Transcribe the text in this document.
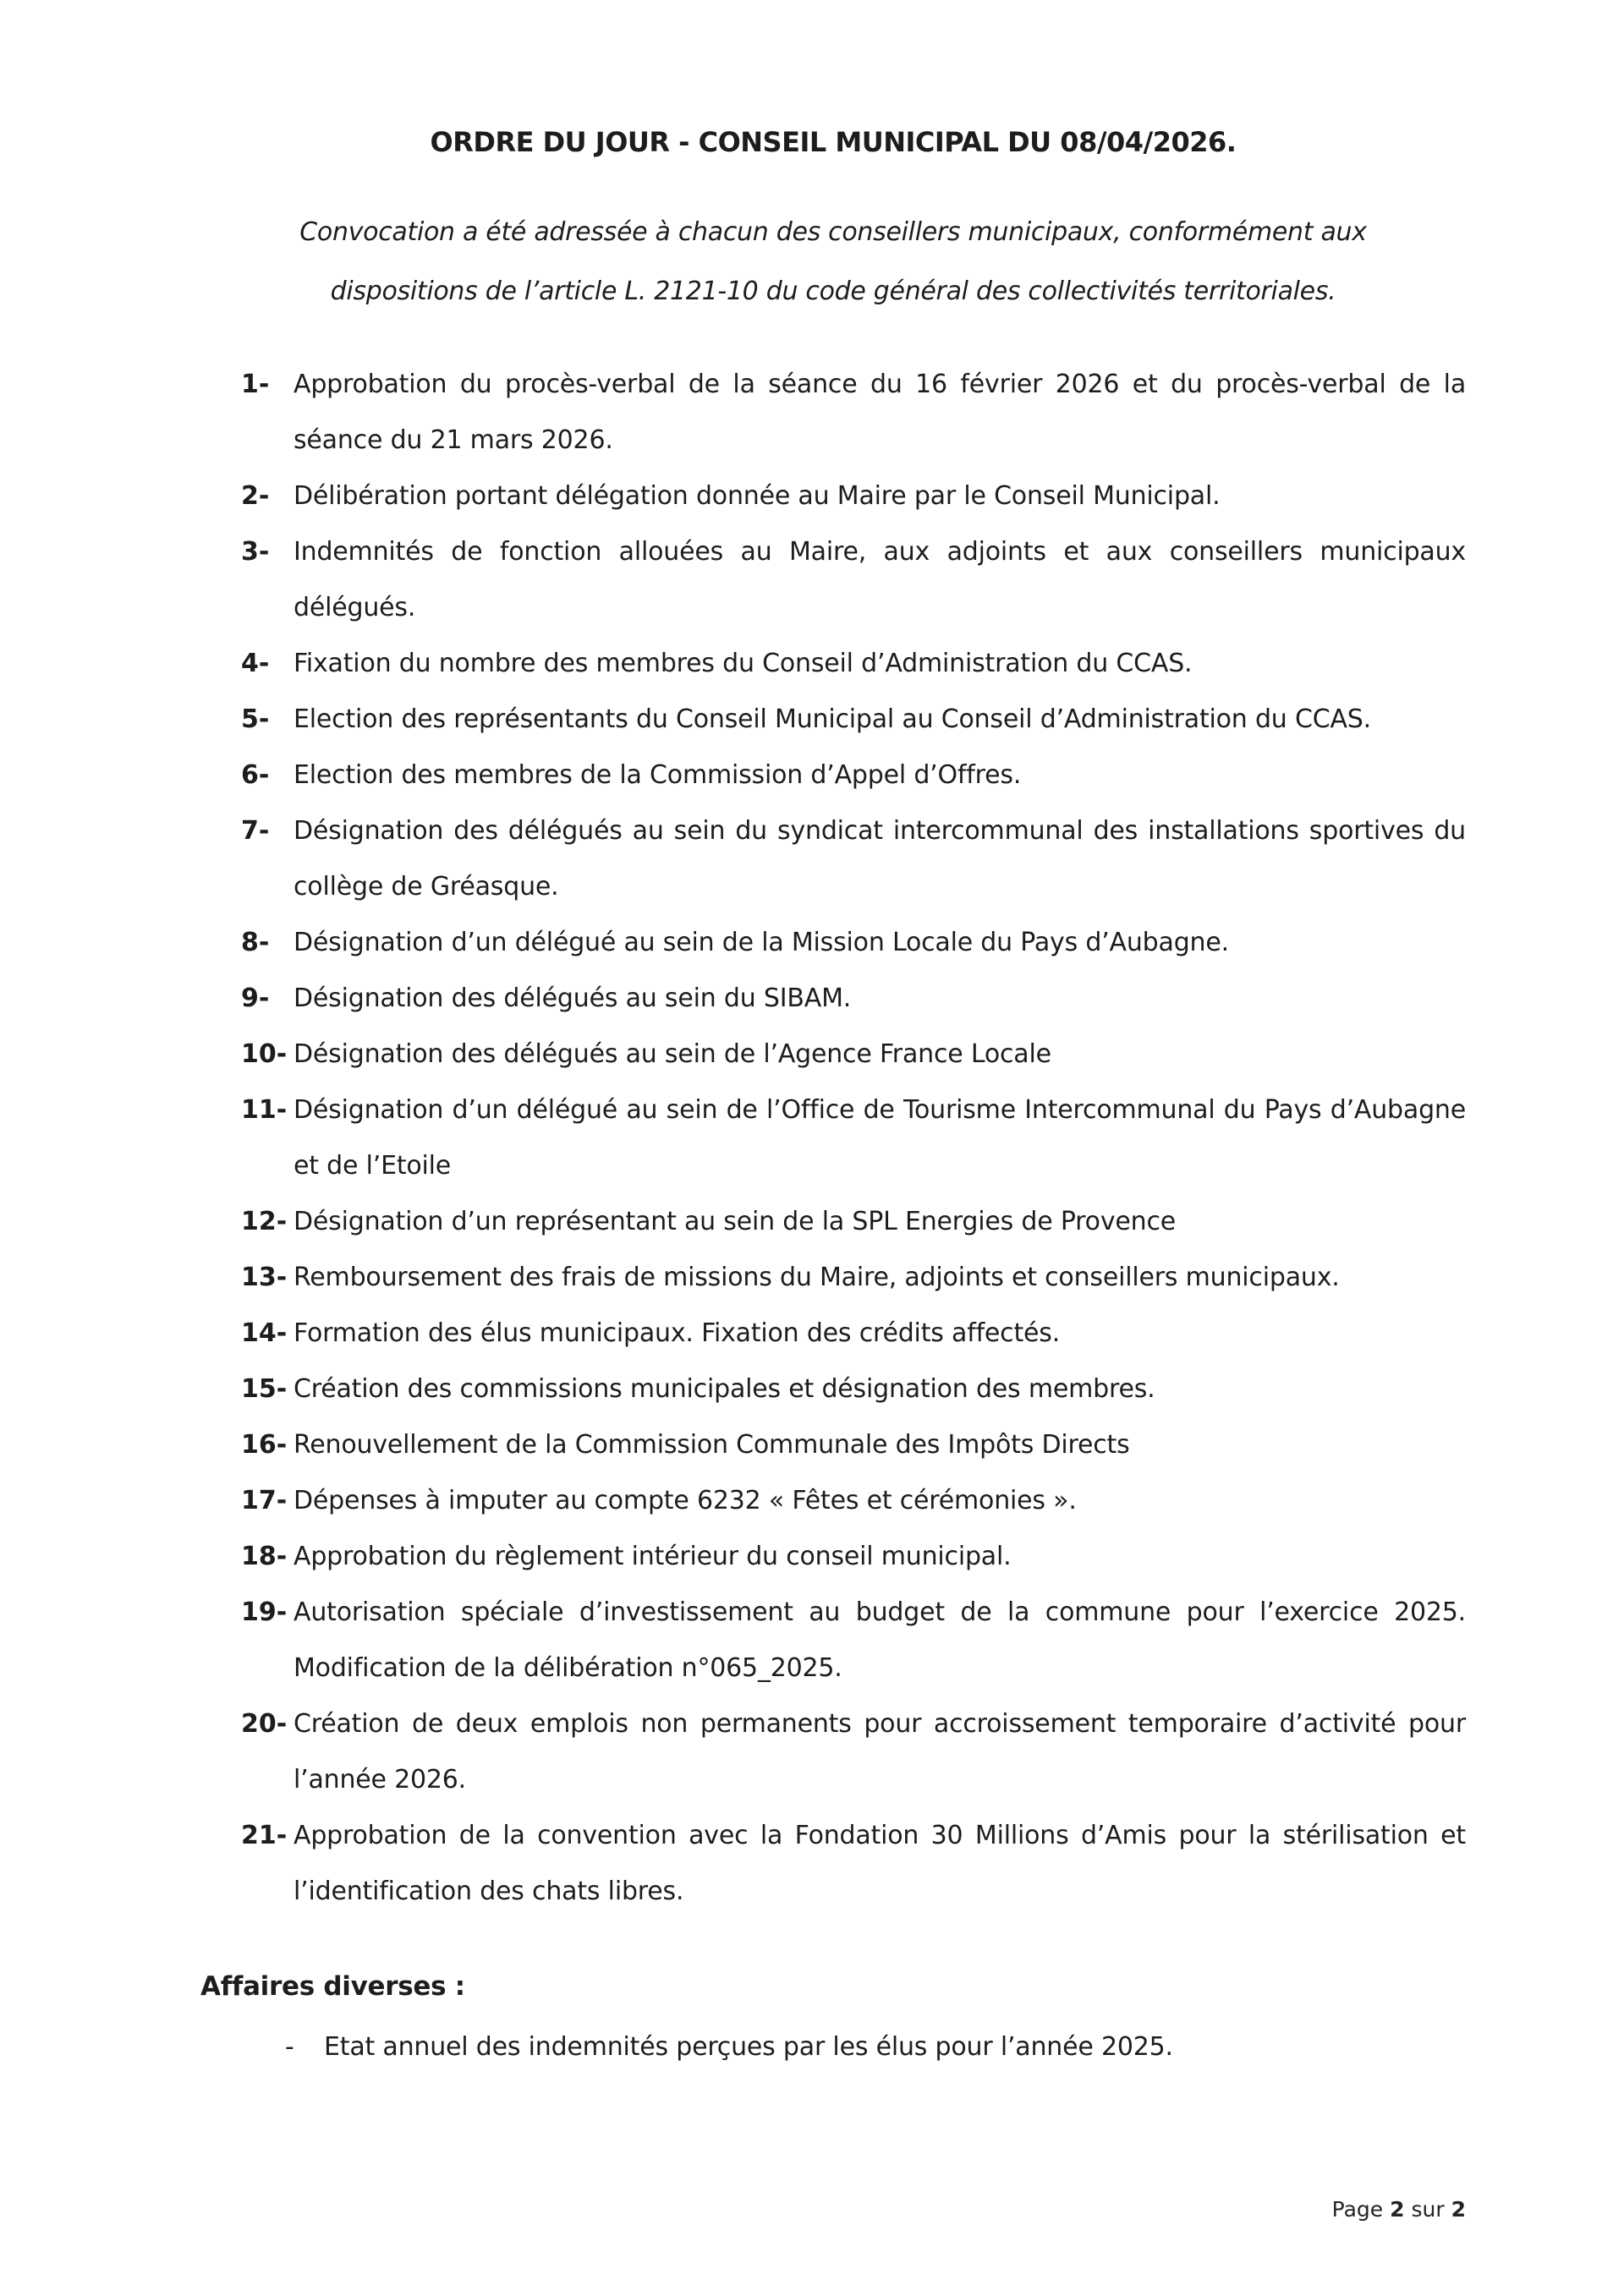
ORDRE DU JOUR - CONSEIL MUNICIPAL DU 08/04/2026.
Convocation a été adressée à chacun des conseillers municipaux, conformément aux dispositions de l’article L. 2121-10 du code général des collectivités territoriales.
1- Approbation du procès-verbal de la séance du 16 février 2026 et du procès-verbal de la séance du 21 mars 2026.
2- Délibération portant délégation donnée au Maire par le Conseil Municipal.
3- Indemnités de fonction allouées au Maire, aux adjoints et aux conseillers municipaux délégués.
4- Fixation du nombre des membres du Conseil d’Administration du CCAS.
5- Election des représentants du Conseil Municipal au Conseil d’Administration du CCAS.
6- Election des membres de la Commission d’Appel d’Offres.
7- Désignation des délégués au sein du syndicat intercommunal des installations sportives du collège de Gréasque.
8- Désignation d’un délégué au sein de la Mission Locale du Pays d’Aubagne.
9- Désignation des délégués au sein du SIBAM.
10- Désignation des délégués au sein de l’Agence France Locale
11- Désignation d’un délégué au sein de l’Office de Tourisme Intercommunal du Pays d’Aubagne et de l’Etoile
12- Désignation d’un représentant au sein de la SPL Energies de Provence
13- Remboursement des frais de missions du Maire, adjoints et conseillers municipaux.
14- Formation des élus municipaux. Fixation des crédits affectés.
15- Création des commissions municipales et désignation des membres.
16- Renouvellement de la Commission Communale des Impôts Directs
17- Dépenses à imputer au compte 6232 « Fêtes et cérémonies ».
18- Approbation du règlement intérieur du conseil municipal.
19- Autorisation spéciale d’investissement au budget de la commune pour l’exercice 2025. Modification de la délibération n°065_2025.
20- Création de deux emplois non permanents pour accroissement temporaire d’activité pour l’année 2026.
21- Approbation de la convention avec la Fondation 30 Millions d’Amis pour la stérilisation et l’identification des chats libres.
Affaires diverses :
-	Etat annuel des indemnités perçues par les élus pour l’année 2025.
Page 2 sur 2
